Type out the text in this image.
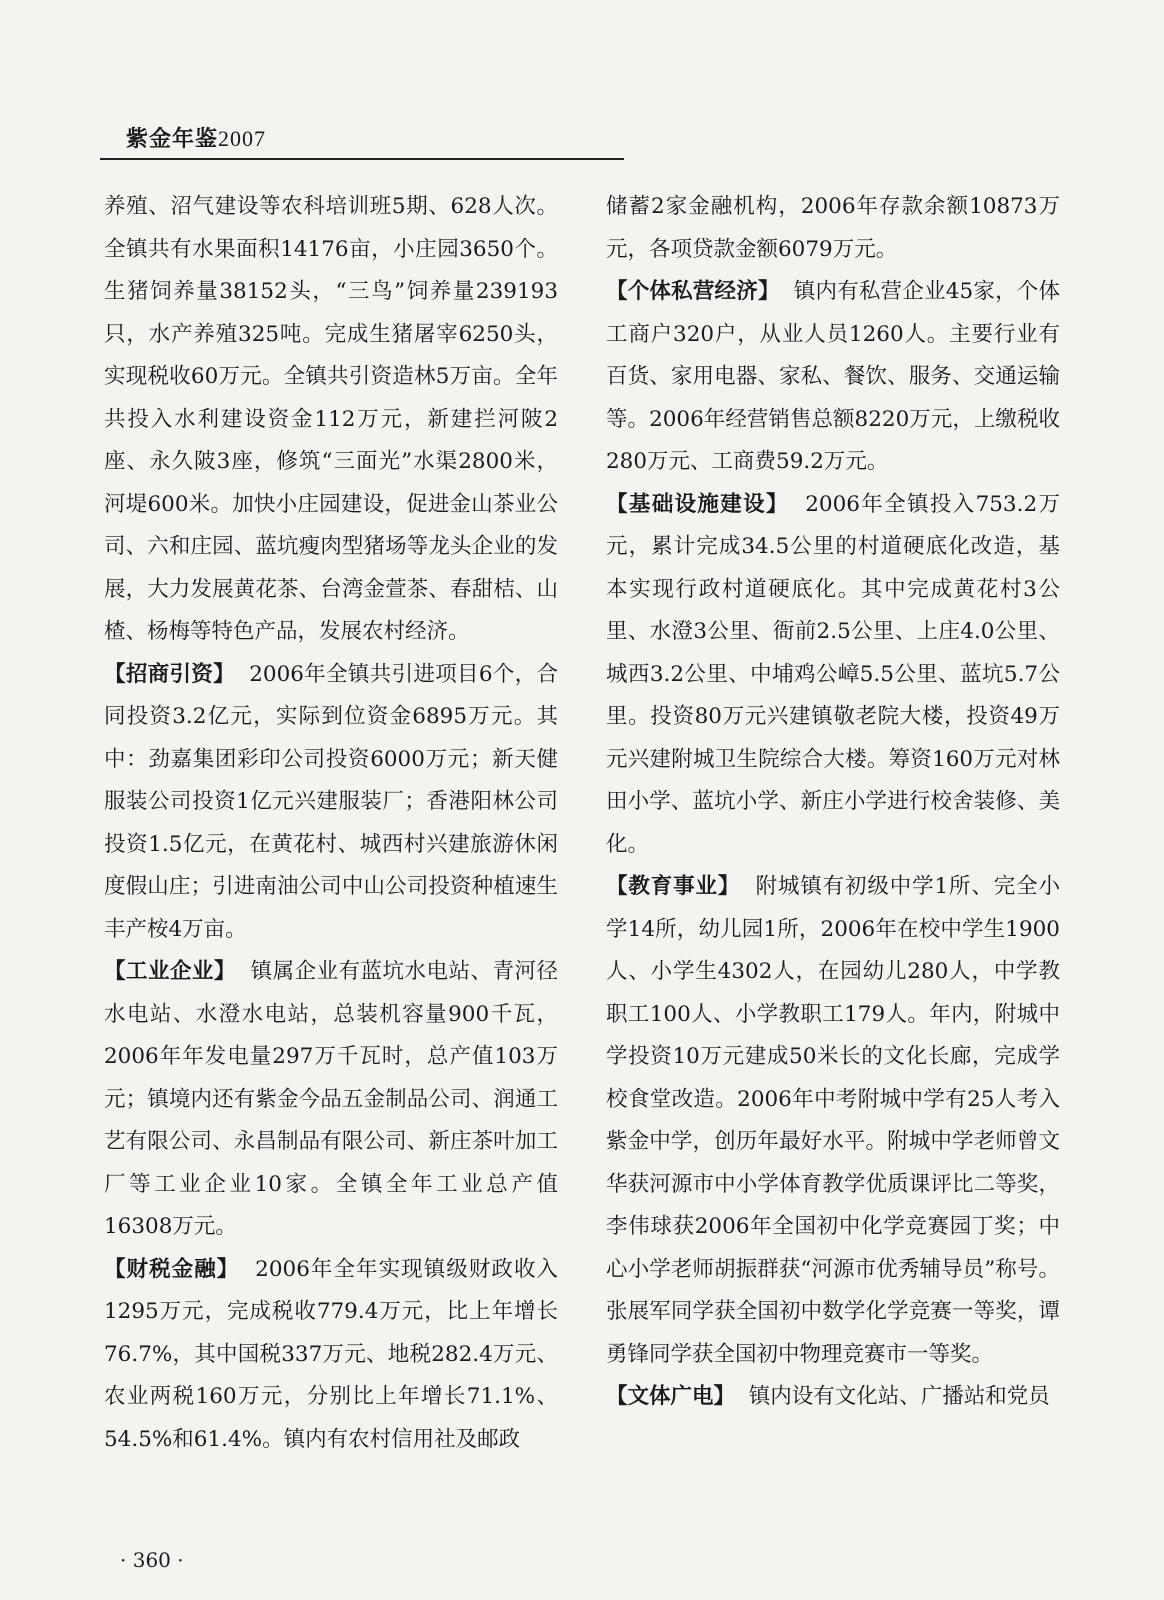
紫金年鉴2007

养殖、沼气建设等农科培训班5期、628人次。全镇共有水果面积14176亩，小庄园3650个。生猪饲养量38152头，“三鸟”饲养量239193只，水产养殖325吨。完成生猪屠宰6250头，实现税收60万元。全镇共引资造林5万亩。全年共投入水利建设资金112万元，新建拦河陂2座、永久陂3座，修筑“三面光”水渠2800米，河堤600米。加快小庄园建设，促进金山茶业公司、六和庄园、蓝坑瘦肉型猪场等龙头企业的发展，大力发展黄花茶、台湾金萱茶、春甜桔、山楂、杨梅等特色产品，发展农村经济。

【招商引资】 2006年全镇共引进项目6个，合同投资3.2亿元，实际到位资金6895万元。其中：劲嘉集团彩印公司投资6000万元；新天健服装公司投资1亿元兴建服装厂；香港阳林公司投资1.5亿元，在黄花村、城西村兴建旅游休闲度假山庄；引进南油公司中山公司投资种植速生丰产桉4万亩。

【工业企业】 镇属企业有蓝坑水电站、青河径水电站、水澄水电站，总装机容量900千瓦，2006年年发电量297万千瓦时，总产值103万元；镇境内还有紫金今品五金制品公司、润通工艺有限公司、永昌制品有限公司、新庄茶叶加工厂等工业企业10家。全镇全年工业总产值16308万元。

【财税金融】 2006年全年实现镇级财政收入1295万元，完成税收779.4万元，比上年增长76.7%，其中国税337万元、地税282.4万元、农业两税160万元，分别比上年增长71.1%、54.5%和61.4%。镇内有农村信用社及邮政

储蓄2家金融机构，2006年存款余额10873万元，各项贷款金额6079万元。

【个体私营经济】 镇内有私营企业45家，个体工商户320户，从业人员1260人。主要行业有百货、家用电器、家私、餐饮、服务、交通运输等。2006年经营销售总额8220万元，上缴税收280万元、工商费59.2万元。

【基础设施建设】 2006年全镇投入753.2万元，累计完成34.5公里的村道硬底化改造，基本实现行政村道硬底化。其中完成黄花村3公里、水澄3公里、衙前2.5公里、上庄4.0公里、城西3.2公里、中埔鸡公嶂5.5公里、蓝坑5.7公里。投资80万元兴建镇敬老院大楼，投资49万元兴建附城卫生院综合大楼。筹资160万元对林田小学、蓝坑小学、新庄小学进行校舍装修、美化。

【教育事业】 附城镇有初级中学1所、完全小学14所，幼儿园1所，2006年在校中学生1900人、小学生4302人，在园幼儿280人，中学教职工100人、小学教职工179人。年内，附城中学投资10万元建成50米长的文化长廊，完成学校食堂改造。2006年中考附城中学有25人考入紫金中学，创历年最好水平。附城中学老师曾文华获河源市中小学体育教学优质课评比二等奖，李伟球获2006年全国初中化学竞赛园丁奖；中心小学老师胡振群获“河源市优秀辅导员”称号。张展军同学获全国初中数学化学竞赛一等奖，谭勇锋同学获全国初中物理竞赛市一等奖。

【文体广电】 镇内设有文化站、广播站和党员

· 360 ·
